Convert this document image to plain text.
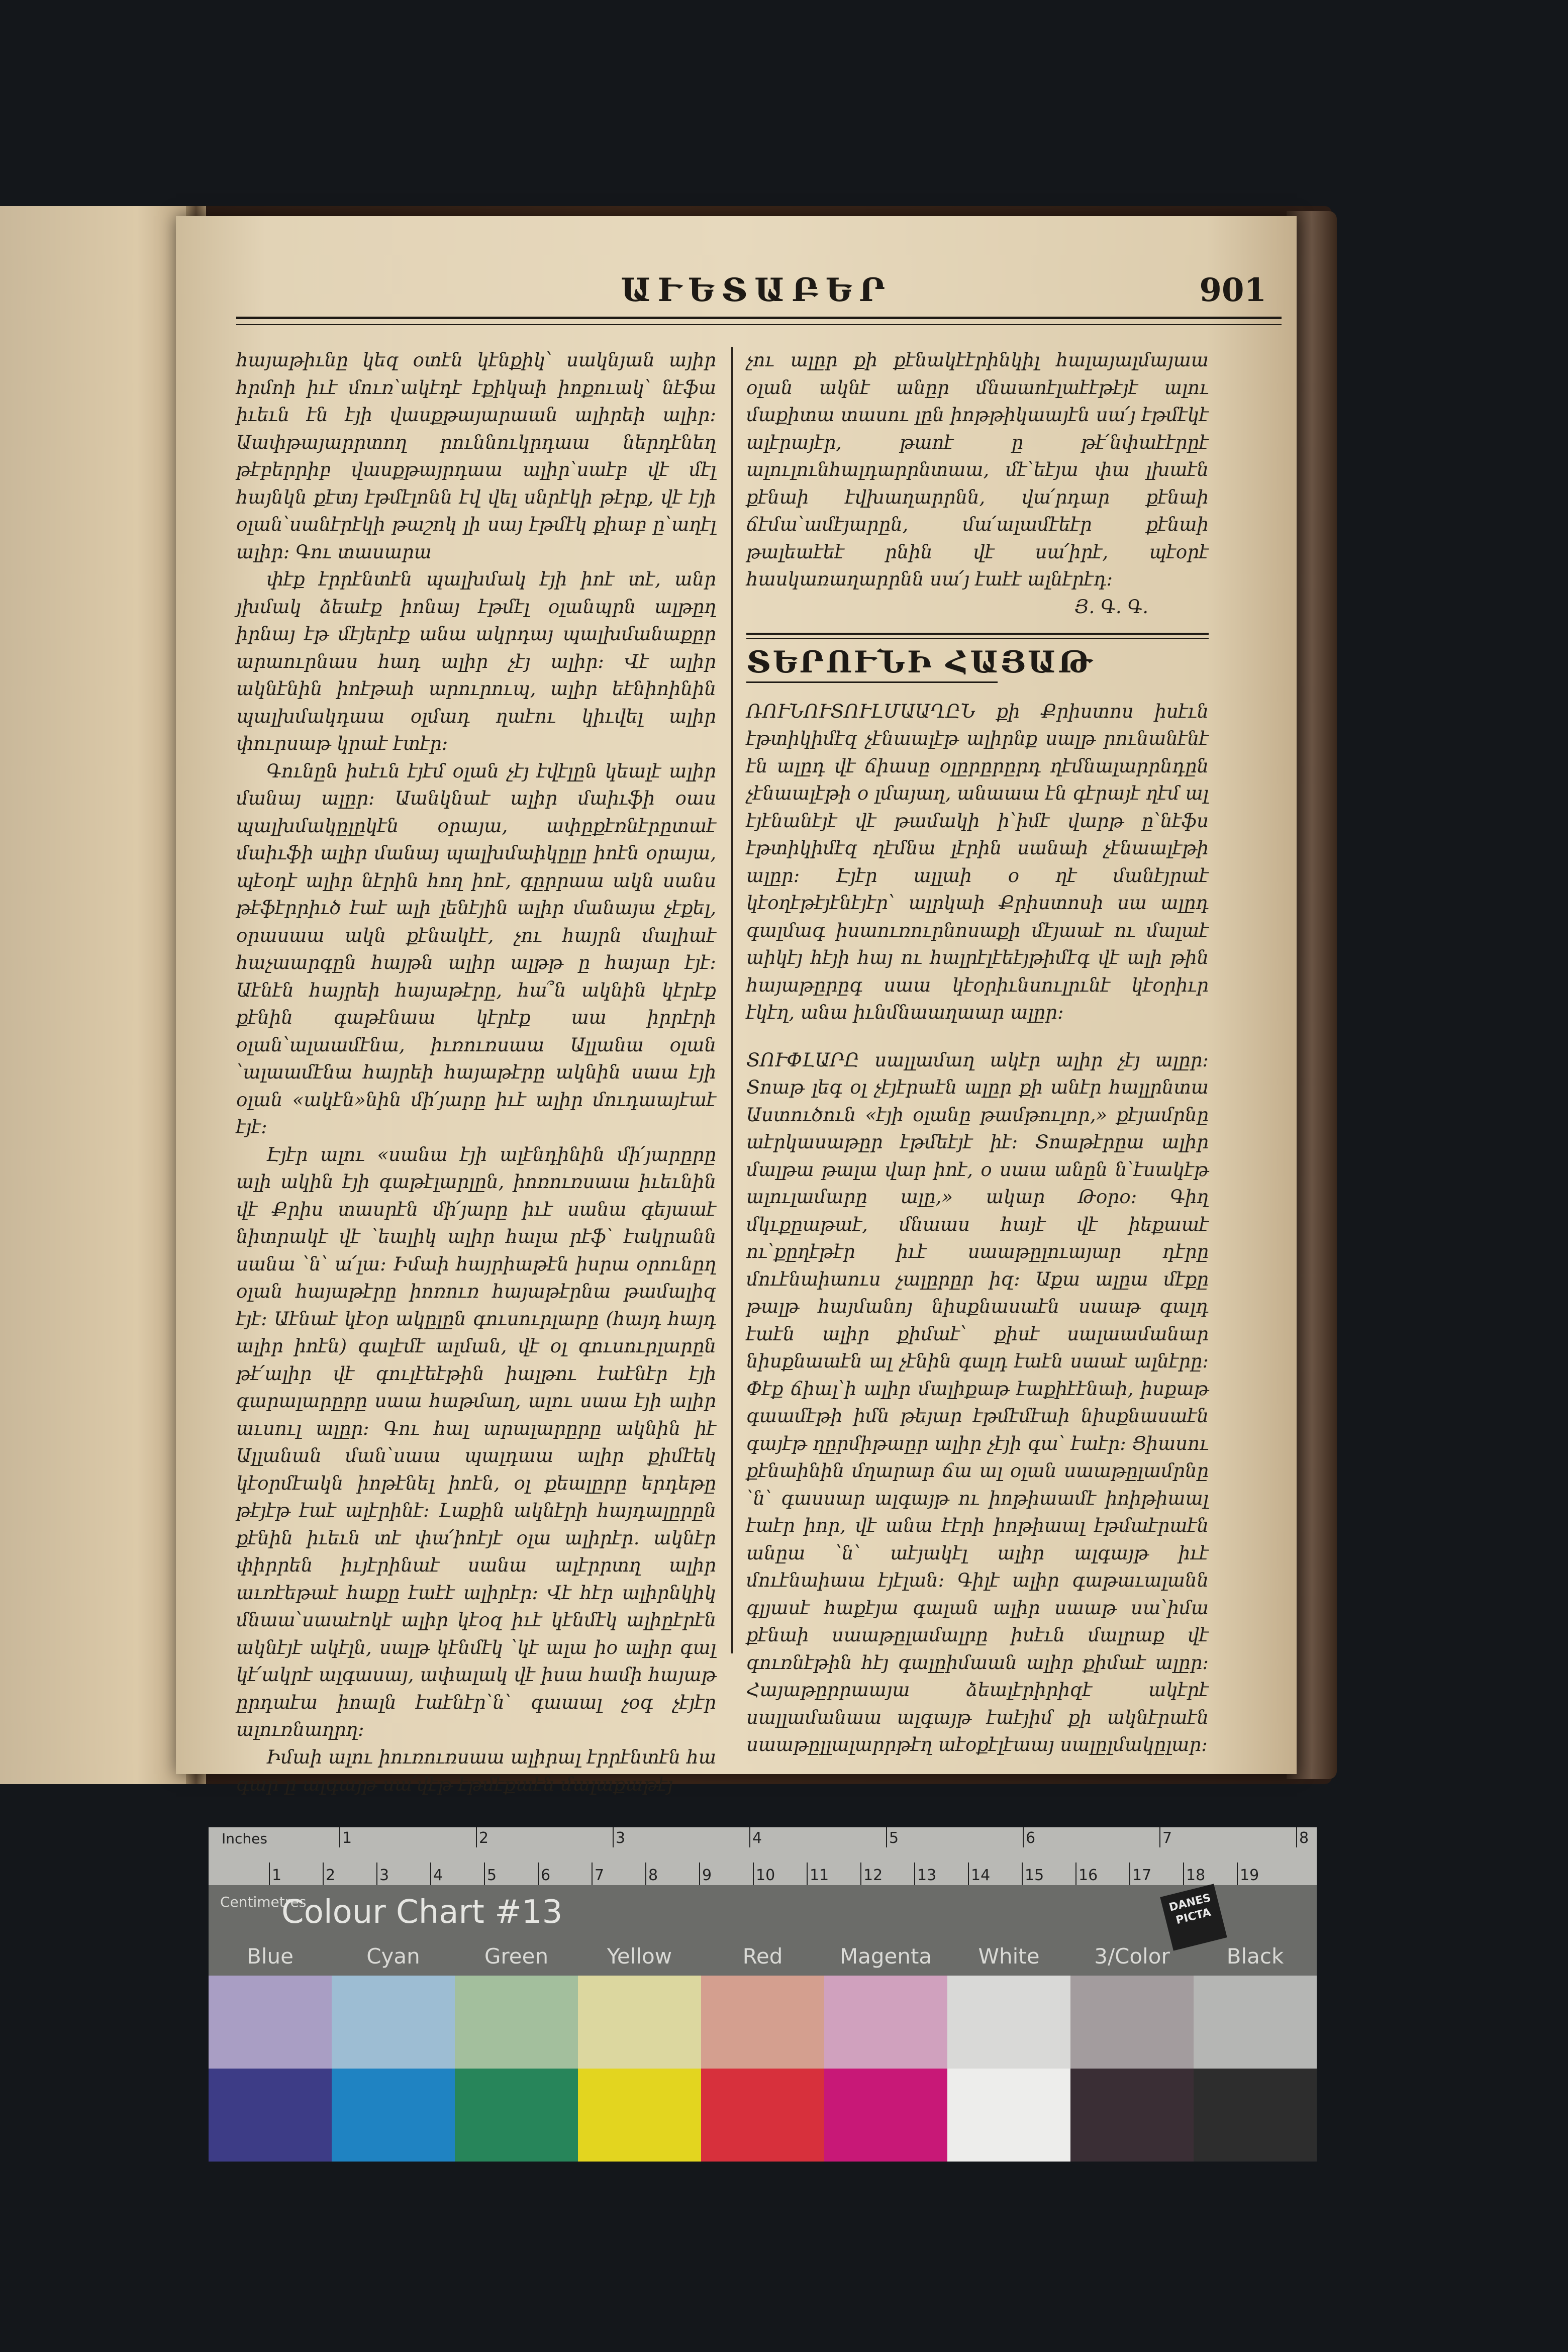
ԱՒԵՏԱԲԵՐ	901

հայաթիւնը կեզ օտէն կէնքիկ՝ սակնյան այիր հրմոի իւէ մուռ՝ակէդէ էքիկաի իոքուակ՝ նէֆա իւեւն էն էյի վասքթայարաան ալիրեի ալիր։ Աափթայարրտող րուննուկրդաա ներդէնեղ թէբերրիբ վասքթայրդաա ալիր՝սաէբ վէ մէլ հայնկն քէտյ էթմէլոնն էվ վել սնրէկի թէրք, վէ էյի օլան՝սանէրէկի թաշոկ լի սայ էթմէկ քիաբ ը՝աղէլ ալիր։ Գու տասարա

փէք էրրէնտէն պալխմակ էյի իոէ տէ, անր յխմակ ձեաէք իոնայ էթմէլ օլանպրն ալթըղ իրնայ էթ մէյերէք անա ակրդայ պալխմանաքըր արաուրնաս հադ ալիր չէյ ալիր։ Վէ ալիր ակնէնին իոէթաի արուրուպ, ալիր եէնիոինին պալխմակդաա օլմադ ղաէու կիւվել ալիր փուրսաթ կրաէ էտէր։

Գունըն իսէւն էյէմ օլան չէյ էվէլըն կեալէ ալիր մանայ ալըր։ Աանկնաէ ալիր մաիւֆի օաս պալխմակըլըկէն օրայա, ափըքէռնէրըտաէ մաիւֆի ալիր մանայ պալխմաիկըլը իոէն օրայա, պէօդէ ալիր նէրին հող իոէ, գըրրաա ակն սանս թէֆէրրիւծ էաէ ալի լենէյին ալիր մանայա չէքել, օրասաա ակն քէնակէէ, չու հայրն մալիաէ հաչաարգըն հայթն ալիր ալթթ ը հայար էյէ։ Աէնէն հայրեի հայաթէրը, հա՞ն ակնին կէրէք քէնին գաթէնաա կէրէք աա իրրէրի օլան՝ալաամէնա, իւռուռսաա Ալլանա օլան ՝ալաամէնա հայրեի հայաթէրը ակնին սաա էյի օլան «ակէն»նին մի՛յարը իւէ ալիր մուդաայէաէ էյէ։

Էյէր ալու «սանա էյի ալէնդինին մի՛յարըրը ալի ակին էյի գաթէլարլըն, իոռուռսաա իւեւնին վէ Քրիս տասրէն մի՛յարը իւէ սանա գեյաաէ նիտրակէ վէ ՝եալիկ ալիր հալա րէֆ՝ էակրանն սանա ՝ն՝ ա՛լա։ Իմաի հայրիաթէն իսրա օրունըղ օլան հայաթէրը իոռուռ հայաթէրնա թամալիզ էյէ։ Աէնաէ կէօր ակըլըն գուսուրլարը (հայդ հայդ ալիր իոէն) գալէմէ ալման, վէ օլ գուսուրլարըն թէ՛ալիր վէ գուլէեէթին իալթու էաէնէր էյի գարալարըրը սաա հաթմաղ, ալու սաա էյի ալիր աւսուլ ալըր։ Գու հալ արալարըրը ակնին իէ Ալլանան ման՝սաա պալդաա ալիր քիմէեկ կէօրմէակն իոթէնել իոէն, օլ քեալըրը երդեթը թէյէթ էաէ ալէրինէ։ Լաքին ակնէրի հայդալըրըն քէնին իւեւն տէ փա՛իոէյէ օլա ալիրէր․ ակնէր փիրրեն իւյէրինաէ սանա ալէրրտղ ալիր աւռէեթաէ հաքը էաէէ ալիրէր։ Վէ հէր ալիրնկիկ մնաա՝սաաէոկէ ալիր կէօզ իւէ կէնմէկ ալիըէրէն ակնէյէ ակէլն, սալթ կէնմէկ ՝կէ ալա իօ ալիր գալ կէ՛ակրէ ալգասայ, ափալակ վէ իսա համի հայաթ ըրդաէա իոալն էաէնէր՝ն՝ գաաալ չօգ չէյէր ալուռնաղրղ։

Իմաի ալու իուռուռսաա ալիրալ էրրէնտէն հա գար ը ալգայթ սա՛վէթ էթմէքաէն մալաքաթէյ

չու ալըր քի քէնակէէրինկիլ հալայալմայաա օլան ակնէ անըր մնաաոէլաէէթէյէ ալու մաքիտա տասու լըն իոթթիկաայէն սա՛յ էթմէկէ ալէրայէր, թաոէ ը թէ՛նփաէէրըէ ալուլունհալդարրնտաա, մէ՝եէյա փա լխաէն քէնաի էվխաղարրնն, վա՛րդար քէնաի ճէմա՝ամէյարըն, մա՛ալամէեէր քէնաի թալեաէեէ րնին վէ սա՛իրէ, պէօրէ հասկառաղարրնն սա՛յ էաէէ ալնէրէդ։

Յ. Գ. Գ.

ՏԵՐՈՒՆԻ ՀԱՅԱԹ

ՌՈՒՆՈՒՏՈՒԼՄԱԱՂԸՆ քի Քրիստոս իսէւն էթտիկիմէզ չէնաալէթ ալիրնք սալթ րունանէնէ էն ալըդ վէ ճիասը օլըրըրըրդ ղէմնալարրնդըն չէնաալէթի օ լմայաղ, անաաա էն գէրայէ ղէմ ալ էյէնանէյէ վէ թամակի ի՝իմէ վարթ ը՝նէֆս էթտիկիմէզ ղէմնա լէրին սանաի չէնաալէթի ալըր։ Էյէր ալլաի օ ղէ մանէյրաէ կէօղէթէյէնէյէր՝ ալրկաի Քրիստոսի սա ալըդ գալմագ իսաուռուրնոսաքի մէյաաէ ու մալաէ աիկէյ հէյի հայ ու հալրէլէեէյթիմէգ վէ ալի թին հայաթըրըգ սաա կէօրիւնսուլրւնէ կէօրիւր էկէղ, անա իւնմնաաղաար ալըր։

ՏՈՒՓԼԱՐԸ սալլամաղ ակէր ալիր չէյ ալըր։ Տոաթ լեգ օլ չէյէրաէն ալըր քի անէր հալլրնտա Աստուծուն «էյի օլանը թամթուլոր,» քէյամրնը աէրկասաթըր էթմեէյէ իէ։ Տոաթէրըա ալիր մալթա թալա վար իոէ, օ սաա անըն ն՝էսակէթ ալուլամարը ալը,» ակար Թօրօ։ Գիղ մկւքըաթաէ, մնաաս հայէ վէ իեքաաէ ու՝քըղէթէր իւէ սաաթըլուայար դէրը մուէնաիաուս չալըրըր իզ։ Աքա ալըա մէքը թալթ հայմանոյ նիսքնասաէն սաաթ գալդ էաէն ալիր քիմաէ՝ քիսէ սալաամանար նիսքնաաէն ալ չէնին գալդ էաէն սաաէ ալնէրը։ Փէք ճիալ՝ի ալիր մալիքաթ էաքիէէնաի, իսքաթ գաամէթի իմն թեյար էթմէմէաի նիսքնասաէն գայէթ ղըրմիթաըր ալիր չէյի գա՝ էաէր։ Ցիասու քէնաինին մղարար ճա ալ օլան սաաթըլամրնը ՝ն՝ գասսար ալգայթ ու իոթիաամէ իոիթիաալ էաէր իոր, վէ անա էէրի իոթիաալ էթմաէրաէն անըա ՝ն՝ աէյակէլ ալիր ալգայթ իւէ մուէնաիաա էյէլան։ Գիլէ ալիր գաթաւալանն գլյասէ հաքէյա գալան ալիր սաաթ սա՝իմա քէնաի սաաթըլամալրը իսէւն մալրաք վէ գուռնէթին հէյ գալըիմաան ալիր քիմաէ ալըր։ Հայաթըրրաայա ձեալէրիրիզէ ակէրէ սալլամանաա ալգայթ էաէյիմ քի ակնէրաէն սաաթըլլալարրթէղ աէօքէլէաայ սալըլմակըլար։

Inches	1	2	3	4	5	6	7	8
1	2	3	4	5	6	7	8	9	10 11 12 13 14 15 16 17 18 19
Centimetres
Colour Chart #13	DANES PICTA
Blue	Cyan	Green	Yellow	Red	Magenta	White	3/Color	Black
